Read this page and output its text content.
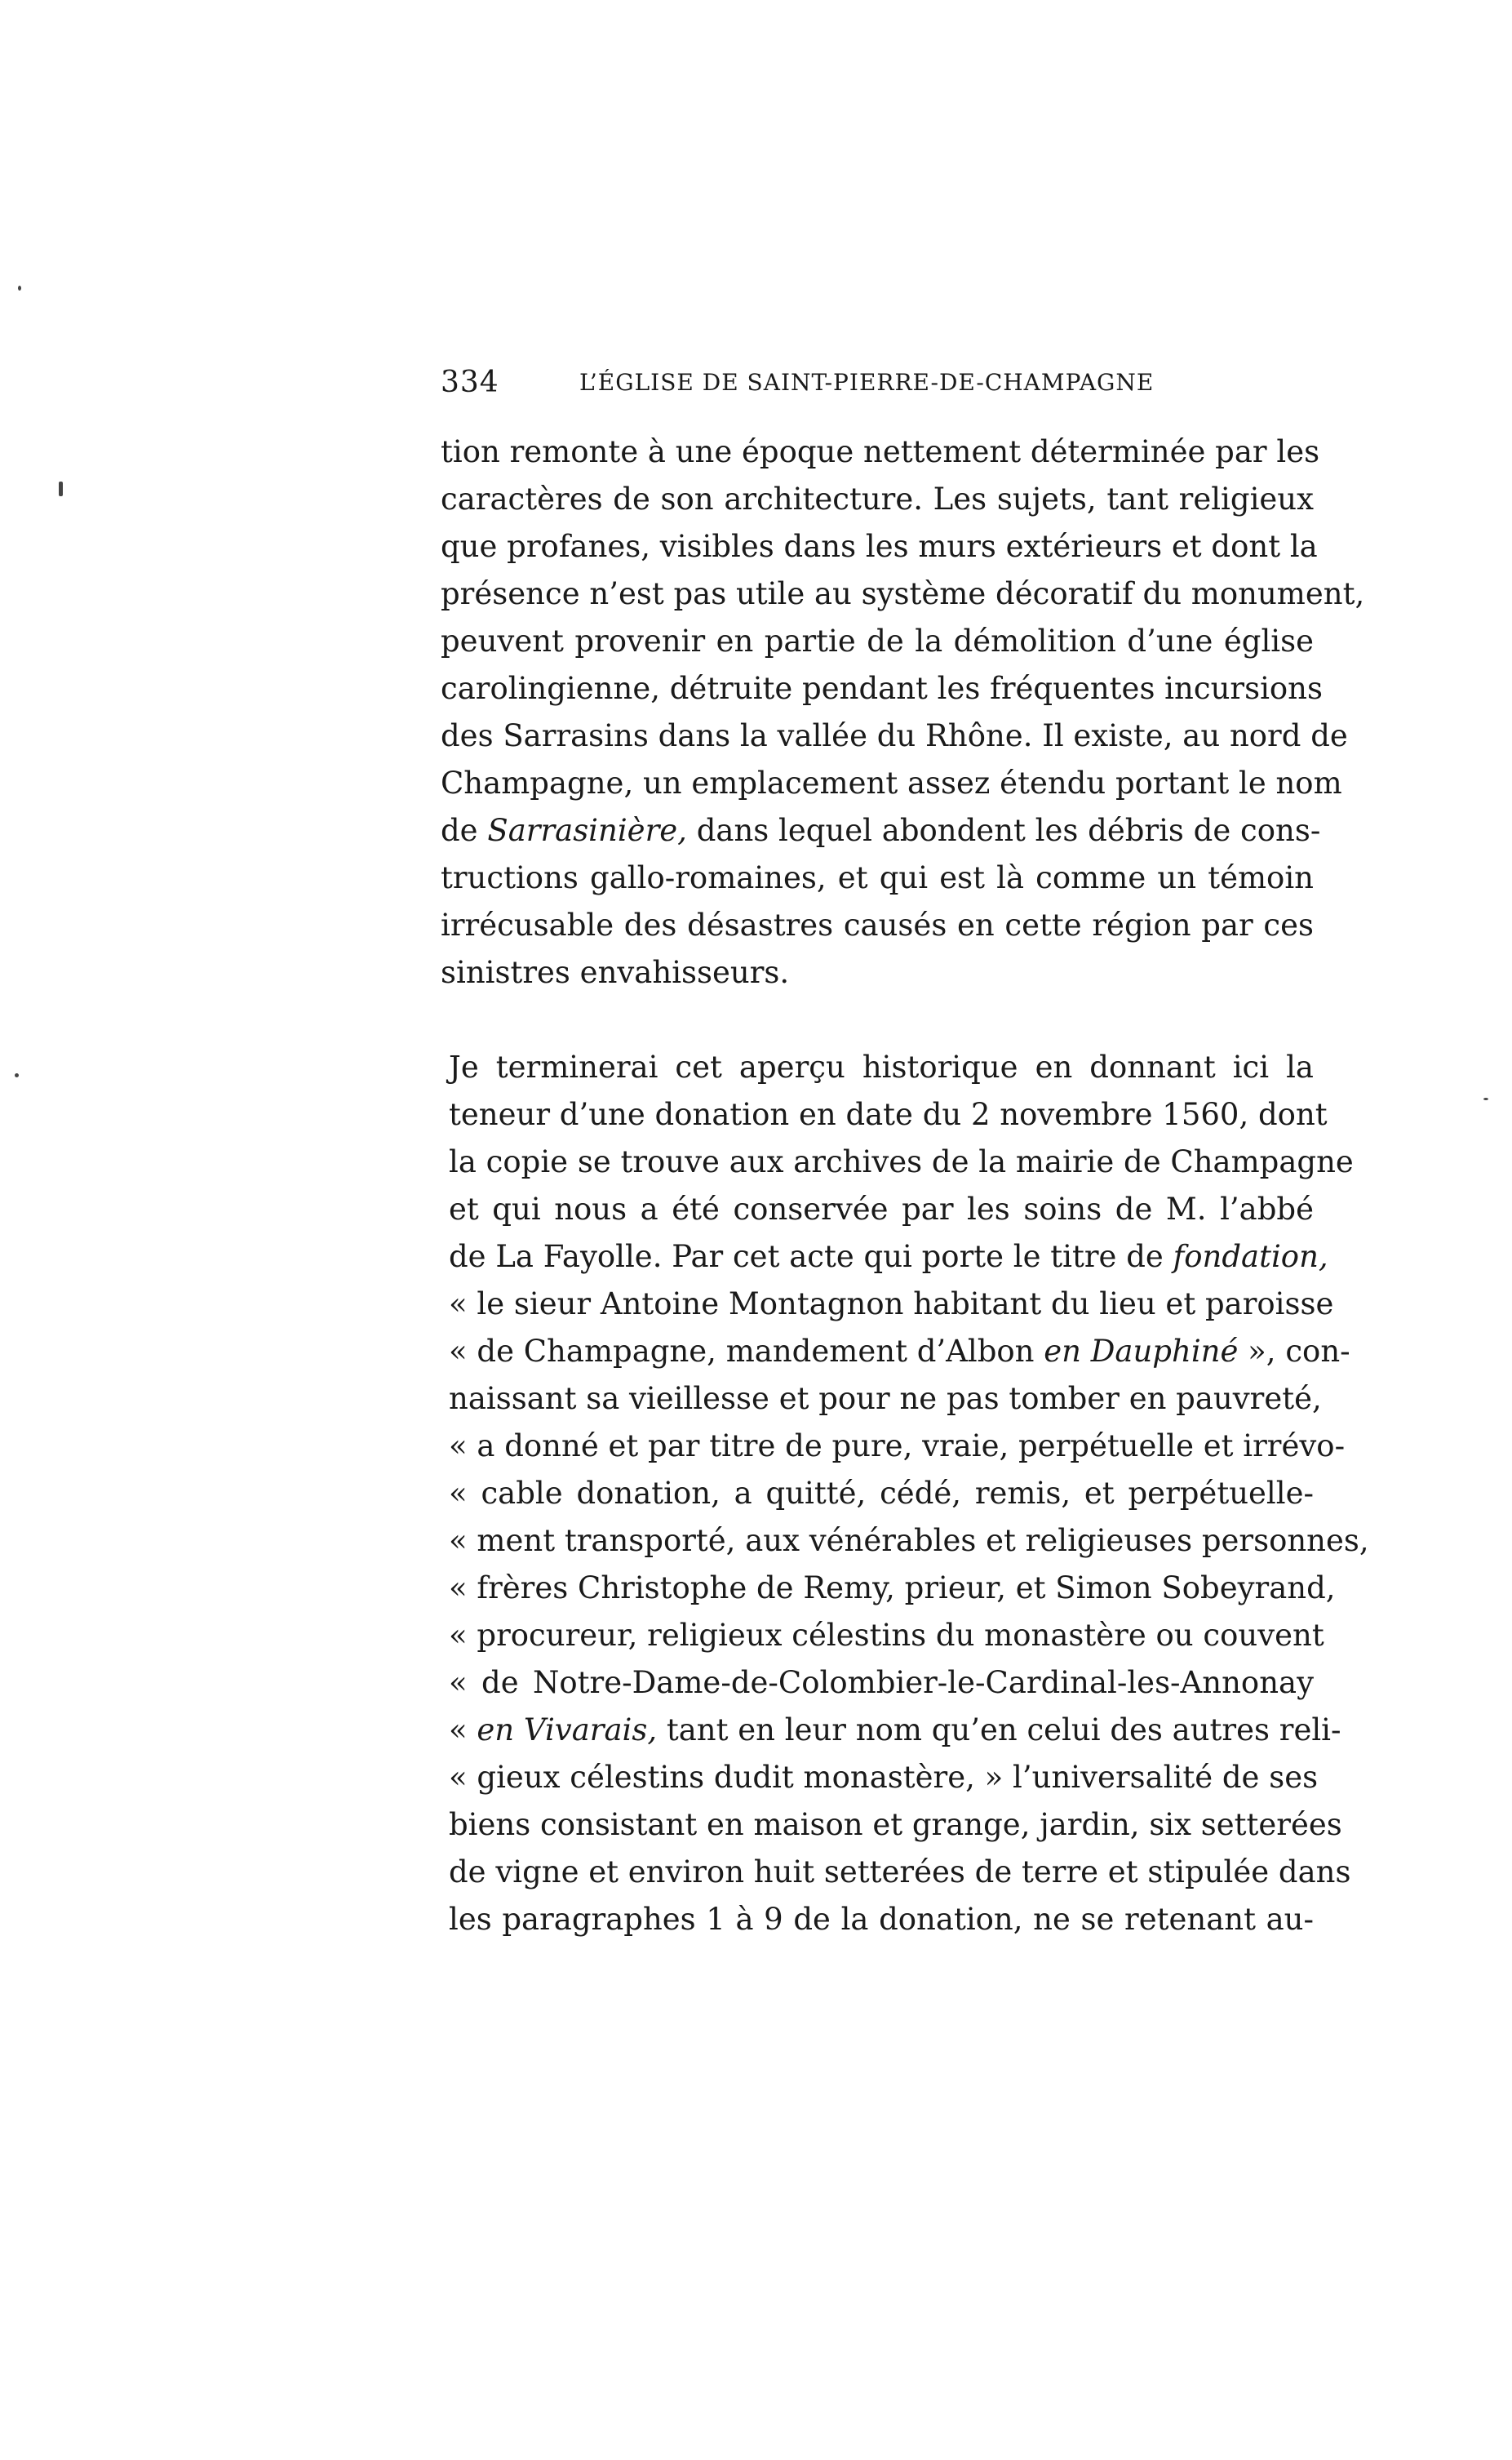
334	L’ÉGLISE DE SAINT-PIERRE-DE-CHAMPAGNE
tion remonte à une époque nettement déterminée par les
caractères de son architecture. Les sujets, tant religieux
que profanes, visibles dans les murs extérieurs et dont la
présence n’est pas utile au système décoratif du monument,
peuvent provenir en partie de la démolition d’une église
carolingienne, détruite pendant les fréquentes incursions
des Sarrasins dans la vallée du Rhône. Il existe, au nord de
Champagne, un emplacement assez étendu portant le nom
de Sarrasinière, dans lequel abondent les débris de cons-
tructions gallo-romaines, et qui est là comme un témoin
irrécusable des désastres causés en cette région par ces
sinistres envahisseurs.
Je terminerai cet aperçu historique en donnant ici la
teneur d’une donation en date du 2 novembre 1560, dont
la copie se trouve aux archives de la mairie de Champagne
et qui nous a été conservée par les soins de M. l’abbé
de La Fayolle. Par cet acte qui porte le titre de fondation,
« le sieur Antoine Montagnon habitant du lieu et paroisse
« de Champagne, mandement d’Albon en Dauphiné », con-
naissant sa vieillesse et pour ne pas tomber en pauvreté,
« a donné et par titre de pure, vraie, perpétuelle et irrévo-
« cable donation, a quitté, cédé, remis, et perpétuelle-
« ment transporté, aux vénérables et religieuses personnes,
« frères Christophe de Remy, prieur, et Simon Sobeyrand,
« procureur, religieux célestins du monastère ou couvent
« de Notre-Dame-de-Colombier-le-Cardinal-les-Annonay
« en Vivarais, tant en leur nom qu’en celui des autres reli-
« gieux célestins dudit monastère, » l’universalité de ses
biens consistant en maison et grange, jardin, six setterées
de vigne et environ huit setterées de terre et stipulée dans
les paragraphes 1 à 9 de la donation, ne se retenant au-
